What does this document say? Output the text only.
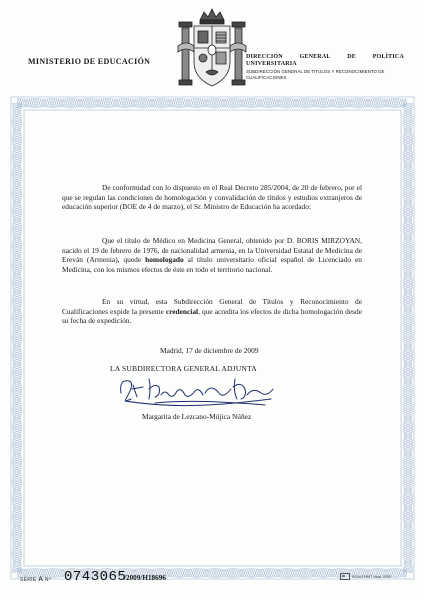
MINISTERIO DE EDUCACIÓN	DIRECCIÓN	GENERAL	DE	POLÍTICA
UNIVERSITARIA
SUBDIRECCIÓN GENERAL DE TÍTULOS Y RECONOCIMIENTO DE
CUALIFICACIONES
De conformidad con lo dispuesto en el Real Decreto 285/2004, de 20 de febrero, por el que se regulan las condiciones de homologación y convalidación de títulos y estudios extranjeros de educación superior (BOE de 4 de marzo), el Sr. Ministro de Educación ha acordado:
Que el título de Médico en Medicina General, obtenido por D. BORIS MIRZOYAN, nacido el 19 de febrero de 1976, de nacionalidad armenia, en la Universidad Estatal de Medicina de Ereván (Armenia), quede homologado al título universitario oficial español de Licenciado en Medicina, con los mismos efectos de éste en todo el territorio nacional.
En su virtud, esta Subdirección General de Títulos y Reconocimiento de Cualificaciones expide la presente credencial, que acredita los efectos de dicha homologación desde su fecha de expedición.
Madrid, 17 de diciembre de 2009
LA SUBDIRECTORA GENERAL ADJUNTA
Margarita de Lezcano-Mújica Núñez
SERIE A Nº 0743065
/2009/H18696	RCM-FNMT Mod. 0100
